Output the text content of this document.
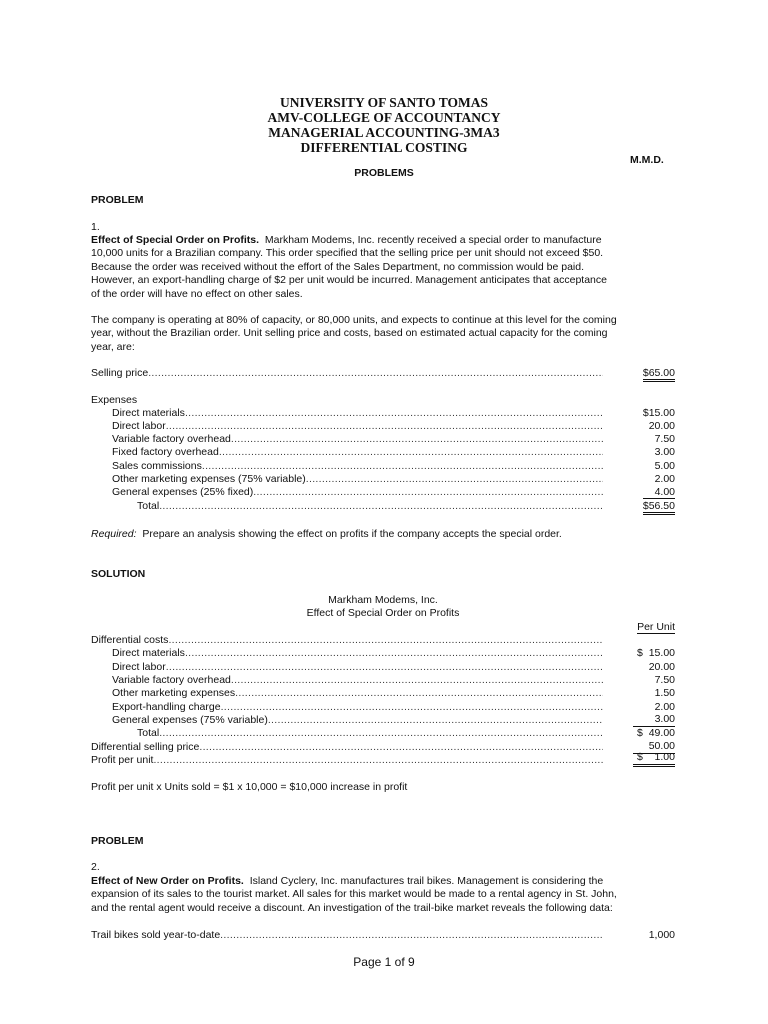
UNIVERSITY OF SANTO TOMAS
AMV-COLLEGE OF ACCOUNTANCY
MANAGERIAL ACCOUNTING-3MA3
DIFFERENTIAL COSTING
M.M.D.
PROBLEMS
PROBLEM
1.
Effect of Special Order on Profits. Markham Modems, Inc. recently received a special order to manufacture
10,000 units for a Brazilian company. This order specified that the selling price per unit should not exceed $50.
Because the order was received without the effort of the Sales Department, no commission would be paid.
However, an export-handling charge of $2 per unit would be incurred. Management anticipates that acceptance
of the order will have no effect on other sales.
The company is operating at 80% of capacity, or 80,000 units, and expects to continue at this level for the coming
year, without the Brazilian order. Unit selling price and costs, based on estimated actual capacity for the coming
year, are:
Selling price .....	$65.00
Expenses
Direct materials .....	$15.00
Direct labor .....	20.00
Variable factory overhead .....	7.50
Fixed factory overhead .....	3.00
Sales commissions .....	5.00
Other marketing expenses (75% variable) .....	2.00
General expenses (25% fixed) .....	4.00
Total .....	$56.50
Required: Prepare an analysis showing the effect on profits if the company accepts the special order.
SOLUTION
Markham Modems, Inc.
Effect of Special Order on Profits
Per Unit
Differential costs
.....
Direct materials .....	$  15.00
Direct labor .....	20.00
Variable factory overhead .....	7.50
Other marketing expenses .....	1.50
Export-handling charge .....	2.00
General expenses (75% variable) .....	3.00
Total .....	$  49.00
Differential selling price .....	50.00
Profit per unit .....	$    1.00
Profit per unit x Units sold = $1 x 10,000 = $10,000 increase in profit
PROBLEM
2.
Effect of New Order on Profits. Island Cyclery, Inc. manufactures trail bikes. Management is considering the
expansion of its sales to the tourist market. All sales for this market would be made to a rental agency in St. John,
and the rental agent would receive a discount. An investigation of the trail-bike market reveals the following data:
Trail bikes sold year-to-date .....	1,000
Page 1 of 9
